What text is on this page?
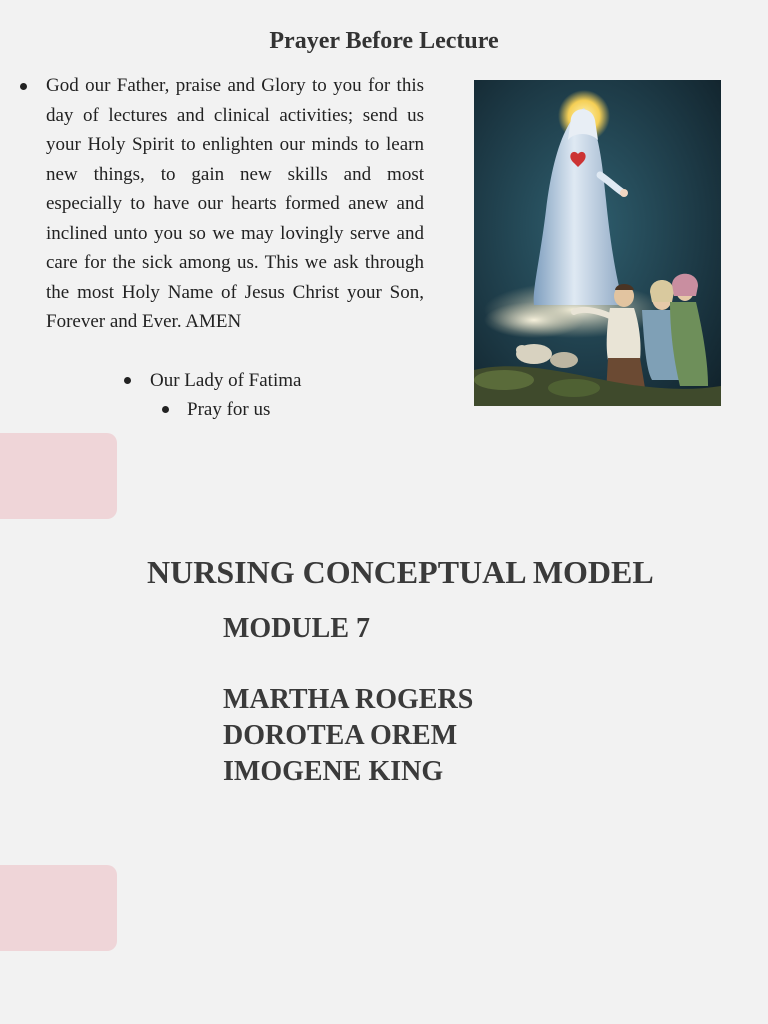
Prayer Before Lecture

God our Father, praise and Glory to you for this day of lectures and clinical activities; send us your Holy Spirit to enlighten our minds to learn new things, to gain new skills and most especially to have our hearts formed anew and inclined unto you so we may lovingly serve and care for the sick among us. This we ask through the most Holy Name of Jesus Christ your Son, Forever and Ever. AMEN

Our Lady of Fatima
Pray for us
NURSING CONCEPTUAL MODEL
MODULE 7
MARTHA ROGERS
DOROTEA OREM
IMOGENE KING
